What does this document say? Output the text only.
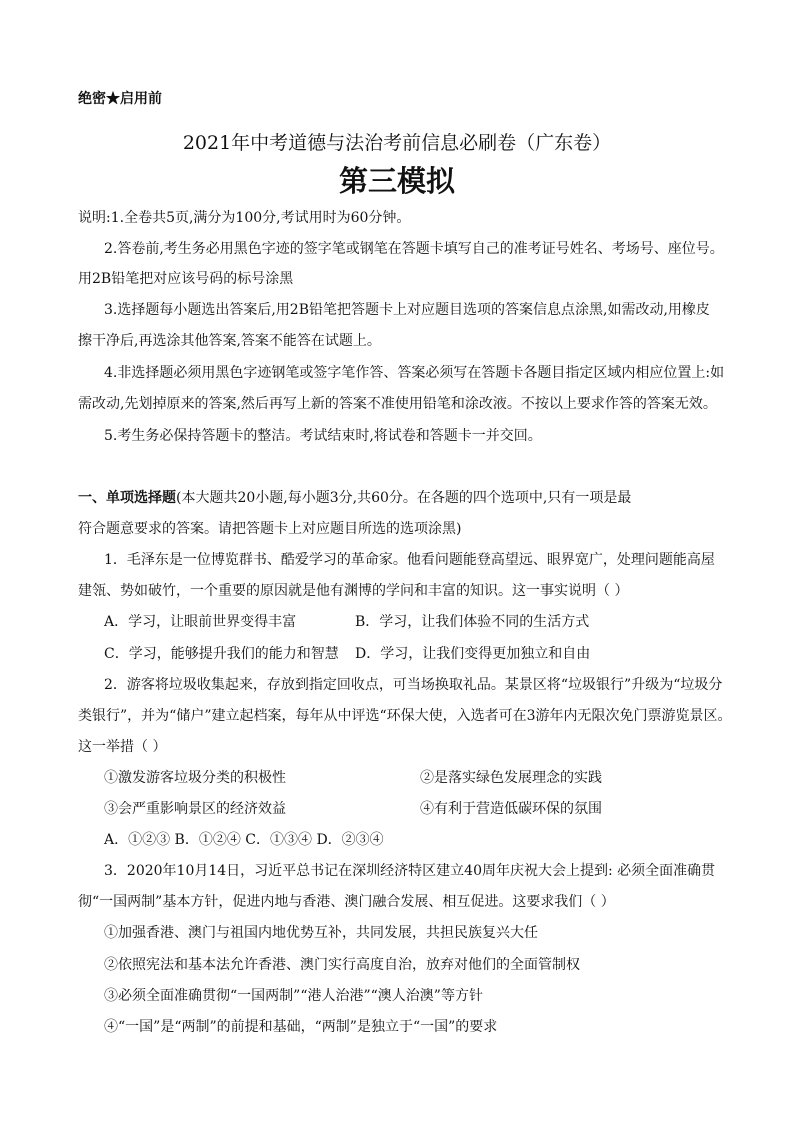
绝密★启用前
2021年中考道德与法治考前信息必刷卷（广东卷）
第三模拟
说明:1.全卷共5页,满分为100分,考试用时为60分钟。
2.答卷前,考生务必用黑色字迹的签字笔或钢笔在答题卡填写自己的准考证号姓名、考场号、座位号。
用2B铅笔把对应该号码的标号涂黑
3.选择题每小题选出答案后,用2B铅笔把答题卡上对应题目选项的答案信息点涂黑,如需改动,用橡皮
擦干净后,再选涂其他答案,答案不能答在试题上。
4.非选择题必须用黑色字迹钢笔或签字笔作答、答案必须写在答题卡各题目指定区域内相应位置上:如
需改动,先划掉原来的答案,然后再写上新的答案不准使用铅笔和涂改液。不按以上要求作答的答案无效。
5.考生务必保持答题卡的整洁。考试结束时,将试卷和答题卡一并交回。
一、单项选择题(本大题共20小题,每小题3分,共60分。在各题的四个选项中,只有一项是最
符合题意要求的答案。请把答题卡上对应题目所选的选项涂黑)
1．毛泽东是一位博览群书、酷爱学习的革命家。他看问题能登高望远、眼界宽广，处理问题能高屋
建瓴、势如破竹，一个重要的原因就是他有渊博的学问和丰富的知识。这一事实说明（ ）
A．学习，让眼前世界变得丰富	B．学习，让我们体验不同的生活方式
C．学习，能够提升我们的能力和智慧 D．学习，让我们变得更加独立和自由
2．游客将垃圾收集起来，存放到指定回收点，可当场换取礼品。某景区将“垃圾银行”升级为“垃圾分
类银行”，并为“储户”建立起档案，每年从中评选“环保大使，入选者可在3游年内无限次免门票游览景区。
这一举措（ ）
①激发游客垃圾分类的积极性	②是落实绿色发展理念的实践
③会严重影响景区的经济效益	④有利于营造低碳环保的氛围
A．①②③ B．①②④ C．①③④ D．②③④
3．2020年10月14日，习近平总书记在深圳经济特区建立40周年庆祝大会上提到: 必须全面准确贯
彻“一国两制”基本方针，促进内地与香港、澳门融合发展、相互促进。这要求我们（ ）
①加强香港、澳门与祖国内地优势互补，共同发展，共担民族复兴大任
②依照宪法和基本法允许香港、澳门实行高度自治，放弃对他们的全面管制权
③必须全面准确贯彻“一国两制”“港人治港”“澳人治澳”等方针
④“一国”是“两制”的前提和基础，“两制”是独立于“一国”的要求
